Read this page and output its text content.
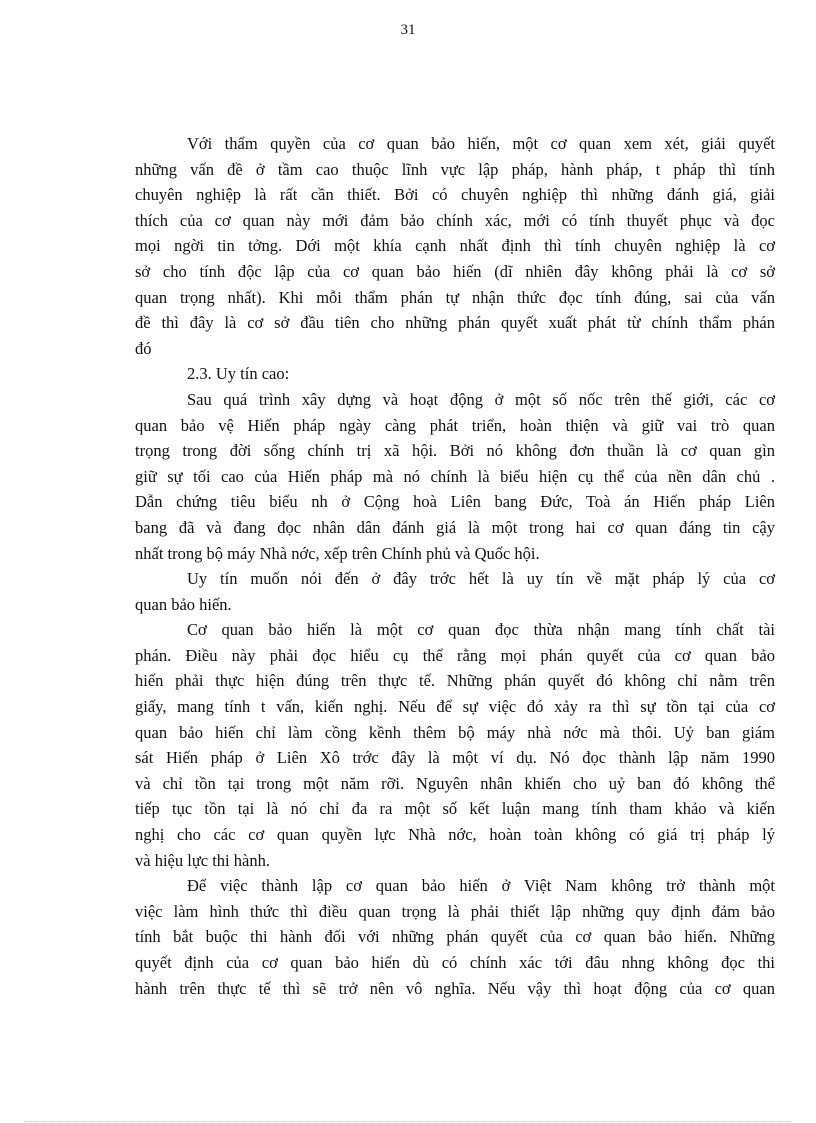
31
Với thẩm quyền của cơ quan bảo hiến, một cơ quan xem xét, giải quyết
những vấn đề ở tầm cao thuộc lĩnh vực lập pháp, hành pháp, t pháp thì tính
chuyên nghiệp là rất cần thiết. Bởi có chuyên nghiệp thì những đánh giá, giải
thích của cơ quan này mới đảm bảo chính xác, mới có tính thuyết phục và đọc
mọi ngời tin tởng. Dới một khía cạnh nhất định thì tính chuyên nghiệp là cơ
sở cho tính độc lập của cơ quan bảo hiến (dĩ nhiên đây không phải là cơ sở
quan trọng nhất). Khi mỗi thẩm phán tự nhận thức đọc tính đúng, sai của vấn
đề thì đây là cơ sở đầu tiên cho những phán quyết xuất phát từ chính thẩm phán
đó
2.3. Uy tín cao:
Sau quá trình xây dựng và hoạt động ở một số nốc trên thế giới, các cơ
quan bảo vệ Hiến pháp ngày càng phát triển, hoàn thiện và giữ vai trò quan
trọng trong đời sống chính trị xã hội. Bởi nó không đơn thuần là cơ quan gìn
giữ sự tối cao của Hiến pháp mà nó chính là biểu hiện cụ thể của nền dân chủ .
Dẫn chứng tiêu biểu nh ở Cộng hoà Liên bang Đức, Toà án Hiến pháp Liên
bang đã và đang đọc nhân dân đánh giá là một trong hai cơ quan đáng tin cậy
nhất trong bộ máy Nhà nớc, xếp trên Chính phủ và Quốc hội.
Uy tín muốn nói đến ở đây trớc hết là uy tín về mặt pháp lý của cơ
quan bảo hiến.
Cơ quan bảo hiến là một cơ quan đọc thừa nhận mang tính chất tài
phán. Điều này phải đọc hiểu cụ thể rằng mọi phán quyết của cơ quan bảo
hiến phải thực hiện đúng trên thực tế. Những phán quyết đó không chỉ nằm trên
giấy, mang tính t vấn, kiến nghị. Nếu để sự việc đó xảy ra thì sự tồn tại của cơ
quan bảo hiến chỉ làm cồng kềnh thêm bộ máy nhà nớc mà thôi. Uỷ ban giám
sát Hiến pháp ở Liên Xô trớc đây là một ví dụ. Nó đọc thành lập năm 1990
và chỉ tồn tại trong một năm rỡi. Nguyên nhân khiến cho uỷ ban đó không thể
tiếp tục tồn tại là nó chỉ đa ra một số kết luận mang tính tham khảo và kiến
nghị cho các cơ quan quyền lực Nhà nớc, hoàn toàn không có giá trị pháp lý
và hiệu lực thi hành.
Để việc thành lập cơ quan bảo hiến ở Việt Nam không trở thành một
việc làm hình thức thì điều quan trọng là phải thiết lập những quy định đảm bảo
tính bắt buộc thi hành đối với những phán quyết của cơ quan bảo hiến. Những
quyết định của cơ quan bảo hiến dù có chính xác tới đâu nhng không đọc thi
hành trên thực tế thì sẽ trở nên vô nghĩa. Nếu vậy thì hoạt động của cơ quan
